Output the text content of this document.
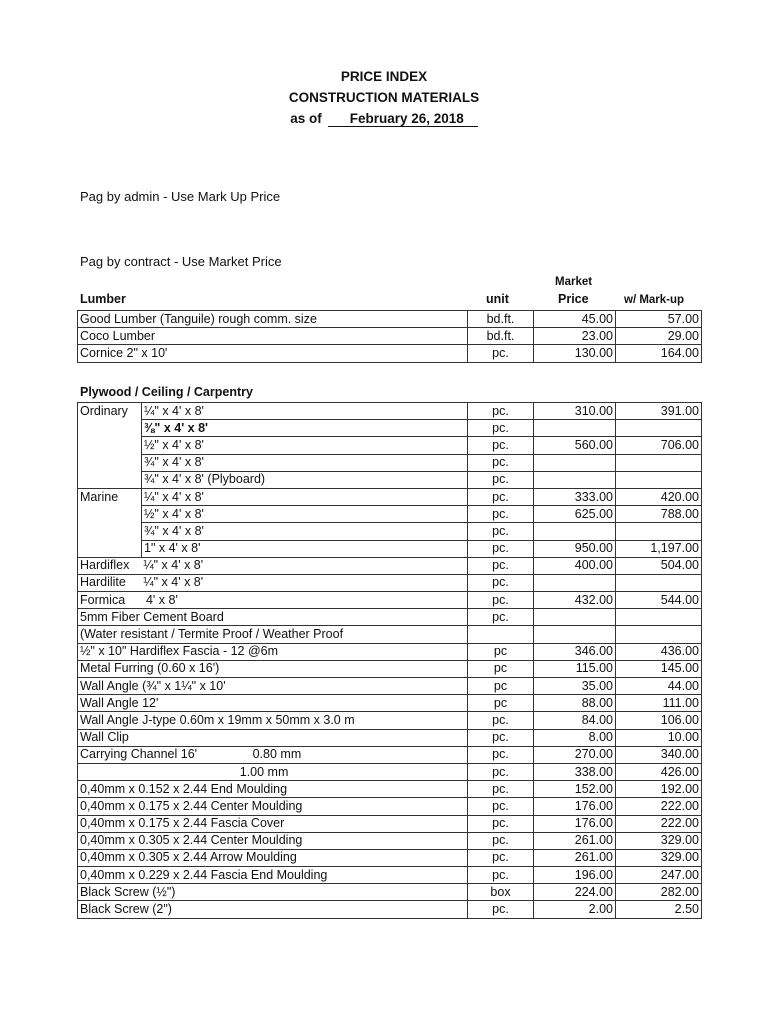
PRICE INDEX
CONSTRUCTION MATERIALS
as of February 26, 2018
Pag by admin - Use Mark Up Price
Pag by contract - Use Market Price
Lumber	unit
Market
Price	w/ Mark-up
Good Lumber (Tanguile) rough comm. size	bd.ft.	45.00	57.00
Coco Lumber	bd.ft.	23.00	29.00
Cornice 2" x 10'	pc.	130.00	164.00
Plywood / Ceiling / Carpentry
Ordinary	¼" x 4' x 8'	pc.	310.00	391.00
	⅜" x 4' x 8'	pc.		
	½" x 4' x 8'	pc.	560.00	706.00
	¾" x 4' x 8'	pc.		
	¾" x 4' x 8' (Plyboard)	pc.		
Marine	¼" x 4' x 8'	pc.	333.00	420.00
	½" x 4' x 8'	pc.	625.00	788.00
	¾" x 4' x 8'	pc.		
	1" x 4' x 8'	pc.	950.00	1,197.00
Hardiflex    ¼" x 4' x 8'		pc.	400.00	504.00
Hardilite     ¼" x 4' x 8'		pc.		
Formica      4' x 8'		pc.	432.00	544.00
5mm Fiber Cement Board		pc.		
(Water resistant / Termite Proof / Weather Proof				
½" x 10" Hardiflex Fascia - 12 @6m		pc	346.00	436.00
Metal Furring (0.60 x 16')		pc	115.00	145.00
Wall Angle (¾" x 1¼" x 10'		pc	35.00	44.00
Wall Angle 12'		pc	88.00	111.00
Wall Angle J-type 0.60m x 19mm x 50mm x 3.0 m		pc.	84.00	106.00
Wall Clip		pc.	8.00	10.00
Carrying Channel 16'                0.80 mm		pc.	270.00	340.00
1.00 mm		pc.	338.00	426.00
0,40mm x 0.152 x 2.44 End Moulding		pc.	152.00	192.00
0,40mm x 0.175 x 2.44 Center Moulding		pc.	176.00	222.00
0,40mm x 0.175 x 2.44 Fascia Cover		pc.	176.00	222.00
0,40mm x 0.305 x 2.44 Center Moulding		pc.	261.00	329.00
0,40mm x 0.305 x 2.44 Arrow Moulding		pc.	261.00	329.00
0,40mm x 0.229 x 2.44 Fascia End Moulding		pc.	196.00	247.00
Black Screw (½")		box	224.00	282.00
Black Screw (2")		pc.	2.00	2.50
